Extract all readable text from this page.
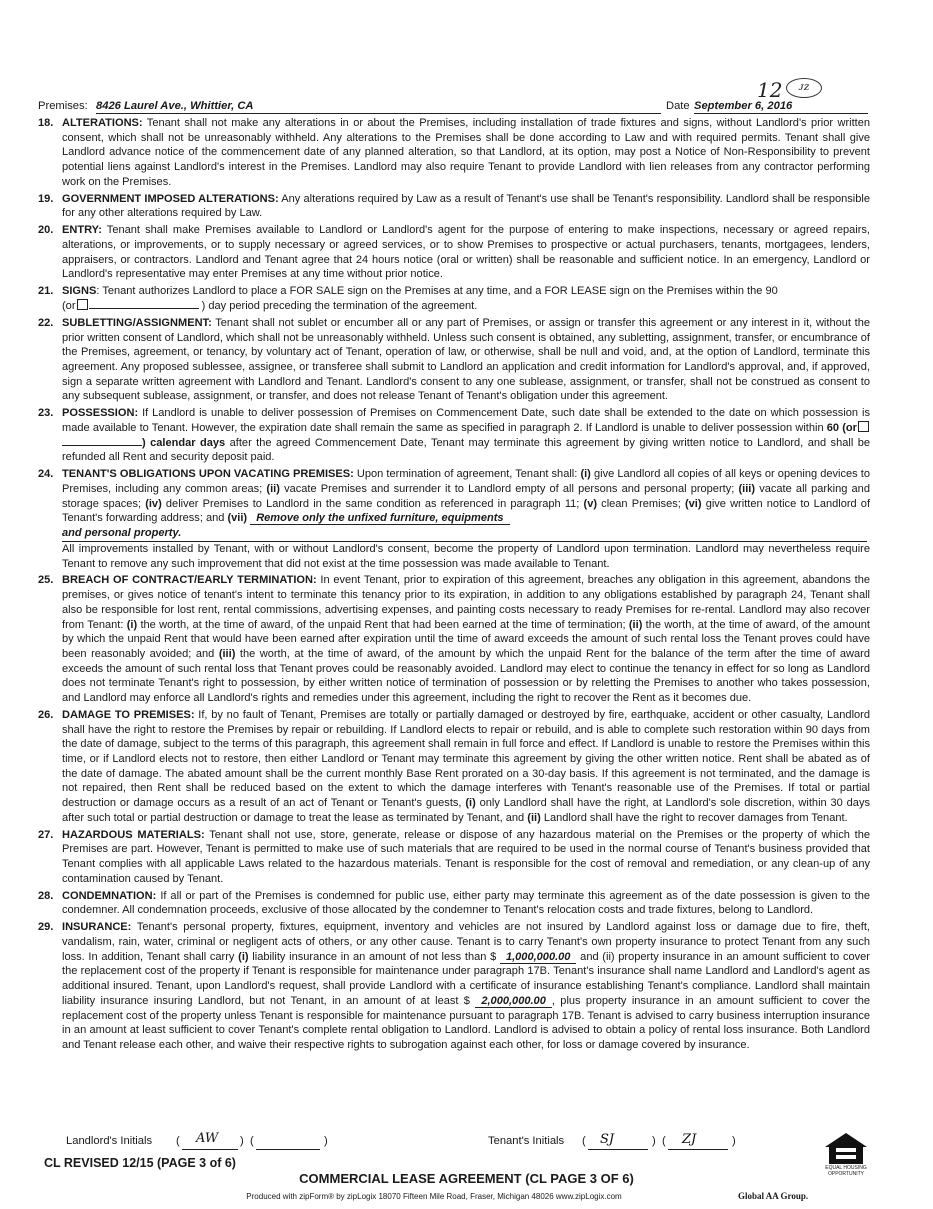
12	ᴊᴢ
Premises: 8426 Laurel Ave., Whittier, CA	Date September 6, 2016
18. ALTERATIONS: Tenant shall not make any alterations in or about the Premises, including installation of trade fixtures and signs, without Landlord's prior written consent, which shall not be unreasonably withheld. Any alterations to the Premises shall be done according to Law and with required permits. Tenant shall give Landlord advance notice of the commencement date of any planned alteration, so that Landlord, at its option, may post a Notice of Non-Responsibility to prevent potential liens against Landlord's interest in the Premises. Landlord may also require Tenant to provide Landlord with lien releases from any contractor performing work on the Premises.
19. GOVERNMENT IMPOSED ALTERATIONS: Any alterations required by Law as a result of Tenant's use shall be Tenant's responsibility. Landlord shall be responsible for any other alterations required by Law.
20. ENTRY: Tenant shall make Premises available to Landlord or Landlord's agent for the purpose of entering to make inspections, necessary or agreed repairs, alterations, or improvements, or to supply necessary or agreed services, or to show Premises to prospective or actual purchasers, tenants, mortgagees, lenders, appraisers, or contractors. Landlord and Tenant agree that 24 hours notice (oral or written) shall be reasonable and sufficient notice. In an emergency, Landlord or Landlord's representative may enter Premises at any time without prior notice.
21. SIGNS: Tenant authorizes Landlord to place a FOR SALE sign on the Premises at any time, and a FOR LEASE sign on the Premises within the 90
(or	) day period preceding the termination of the agreement.
22. SUBLETTING/ASSIGNMENT: Tenant shall not sublet or encumber all or any part of Premises, or assign or transfer this agreement or any interest in it, without the prior written consent of Landlord, which shall not be unreasonably withheld. Unless such consent is obtained, any subletting, assignment, transfer, or encumbrance of the Premises, agreement, or tenancy, by voluntary act of Tenant, operation of law, or otherwise, shall be null and void, and, at the option of Landlord, terminate this agreement. Any proposed sublessee, assignee, or transferee shall submit to Landlord an application and credit information for Landlord's approval, and, if approved, sign a separate written agreement with Landlord and Tenant. Landlord's consent to any one sublease, assignment, or transfer, shall not be construed as consent to any subsequent sublease, assignment, or transfer, and does not release Tenant of Tenant's obligation under this agreement.
23. POSSESSION: If Landlord is unable to deliver possession of Premises on Commencement Date, such date shall be extended to the date on which possession is made available to Tenant. However, the expiration date shall remain the same as specified in paragraph 2. If Landlord is unable to deliver possession within 60 (or) calendar days after the agreed Commencement Date, Tenant may terminate this agreement by giving written notice to Landlord, and shall be refunded all Rent and security deposit paid.
24. TENANT'S OBLIGATIONS UPON VACATING PREMISES: Upon termination of agreement, Tenant shall: (i) give Landlord all copies of all keys or opening devices to Premises, including any common areas; (ii) vacate Premises and surrender it to Landlord empty of all persons and personal property; (iii) vacate all parking and storage spaces; (iv) deliver Premises to Landlord in the same condition as referenced in paragraph 11; (v) clean Premises; (vi) give written notice to Landlord of Tenant's forwarding address; and (vii) Remove only the unfixed furniture, equipments
and personal property.
All improvements installed by Tenant, with or without Landlord's consent, become the property of Landlord upon termination. Landlord may nevertheless require Tenant to remove any such improvement that did not exist at the time possession was made available to Tenant.
25. BREACH OF CONTRACT/EARLY TERMINATION: In event Tenant, prior to expiration of this agreement, breaches any obligation in this agreement, abandons the premises, or gives notice of tenant's intent to terminate this tenancy prior to its expiration, in addition to any obligations established by paragraph 24, Tenant shall also be responsible for lost rent, rental commissions, advertising expenses, and painting costs necessary to ready Premises for re-rental. Landlord may also recover from Tenant: (i) the worth, at the time of award, of the unpaid Rent that had been earned at the time of termination; (ii) the worth, at the time of award, of the amount by which the unpaid Rent that would have been earned after expiration until the time of award exceeds the amount of such rental loss the Tenant proves could have been reasonably avoided; and (iii) the worth, at the time of award, of the amount by which the unpaid Rent for the balance of the term after the time of award exceeds the amount of such rental loss that Tenant proves could be reasonably avoided. Landlord may elect to continue the tenancy in effect for so long as Landlord does not terminate Tenant's right to possession, by either written notice of termination of possession or by reletting the Premises to another who takes possession, and Landlord may enforce all Landlord's rights and remedies under this agreement, including the right to recover the Rent as it becomes due.
26. DAMAGE TO PREMISES: If, by no fault of Tenant, Premises are totally or partially damaged or destroyed by fire, earthquake, accident or other casualty, Landlord shall have the right to restore the Premises by repair or rebuilding. If Landlord elects to repair or rebuild, and is able to complete such restoration within 90 days from the date of damage, subject to the terms of this paragraph, this agreement shall remain in full force and effect. If Landlord is unable to restore the Premises within this time, or if Landlord elects not to restore, then either Landlord or Tenant may terminate this agreement by giving the other written notice. Rent shall be abated as of the date of damage. The abated amount shall be the current monthly Base Rent prorated on a 30-day basis. If this agreement is not terminated, and the damage is not repaired, then Rent shall be reduced based on the extent to which the damage interferes with Tenant's reasonable use of the Premises. If total or partial destruction or damage occurs as a result of an act of Tenant or Tenant's guests, (i) only Landlord shall have the right, at Landlord's sole discretion, within 30 days after such total or partial destruction or damage to treat the lease as terminated by Tenant, and (ii) Landlord shall have the right to recover damages from Tenant.
27. HAZARDOUS MATERIALS: Tenant shall not use, store, generate, release or dispose of any hazardous material on the Premises or the property of which the Premises are part. However, Tenant is permitted to make use of such materials that are required to be used in the normal course of Tenant's business provided that Tenant complies with all applicable Laws related to the hazardous materials. Tenant is responsible for the cost of removal and remediation, or any clean-up of any contamination caused by Tenant.
28. CONDEMNATION: If all or part of the Premises is condemned for public use, either party may terminate this agreement as of the date possession is given to the condemner. All condemnation proceeds, exclusive of those allocated by the condemner to Tenant's relocation costs and trade fixtures, belong to Landlord.
29. INSURANCE: Tenant's personal property, fixtures, equipment, inventory and vehicles are not insured by Landlord against loss or damage due to fire, theft, vandalism, rain, water, criminal or negligent acts of others, or any other cause. Tenant is to carry Tenant's own property insurance to protect Tenant from any such loss. In addition, Tenant shall carry (i) liability insurance in an amount of not less than $ 1,000,000.00 and (ii) property insurance in an amount sufficient to cover the replacement cost of the property if Tenant is responsible for maintenance under paragraph 17B. Tenant's insurance shall name Landlord and Landlord's agent as additional insured. Tenant, upon Landlord's request, shall provide Landlord with a certificate of insurance establishing Tenant's compliance. Landlord shall maintain liability insurance insuring Landlord, but not Tenant, in an amount of at least $ 2,000,000.00 , plus property insurance in an amount sufficient to cover the replacement cost of the property unless Tenant is responsible for maintenance pursuant to paragraph 17B. Tenant is advised to carry business interruption insurance in an amount at least sufficient to cover Tenant's complete rental obligation to Landlord. Landlord is advised to obtain a policy of rental loss insurance. Both Landlord and Tenant release each other, and waive their respective rights to subrogation against each other, for loss or damage covered by insurance.
Landlord's Initials ( AW ) (	)	Tenant's Initials ( SJ	) ( ZJ	)
CL REVISED 12/15 (PAGE 3 of 6)
COMMERCIAL LEASE AGREEMENT (CL PAGE 3 OF 6)
Produced with zipForm® by zipLogix 18070 Fifteen Mile Road, Fraser, Michigan 48026 www.zipLogix.com	Global AA Group.
EQUAL HOUSING OPPORTUNITY
